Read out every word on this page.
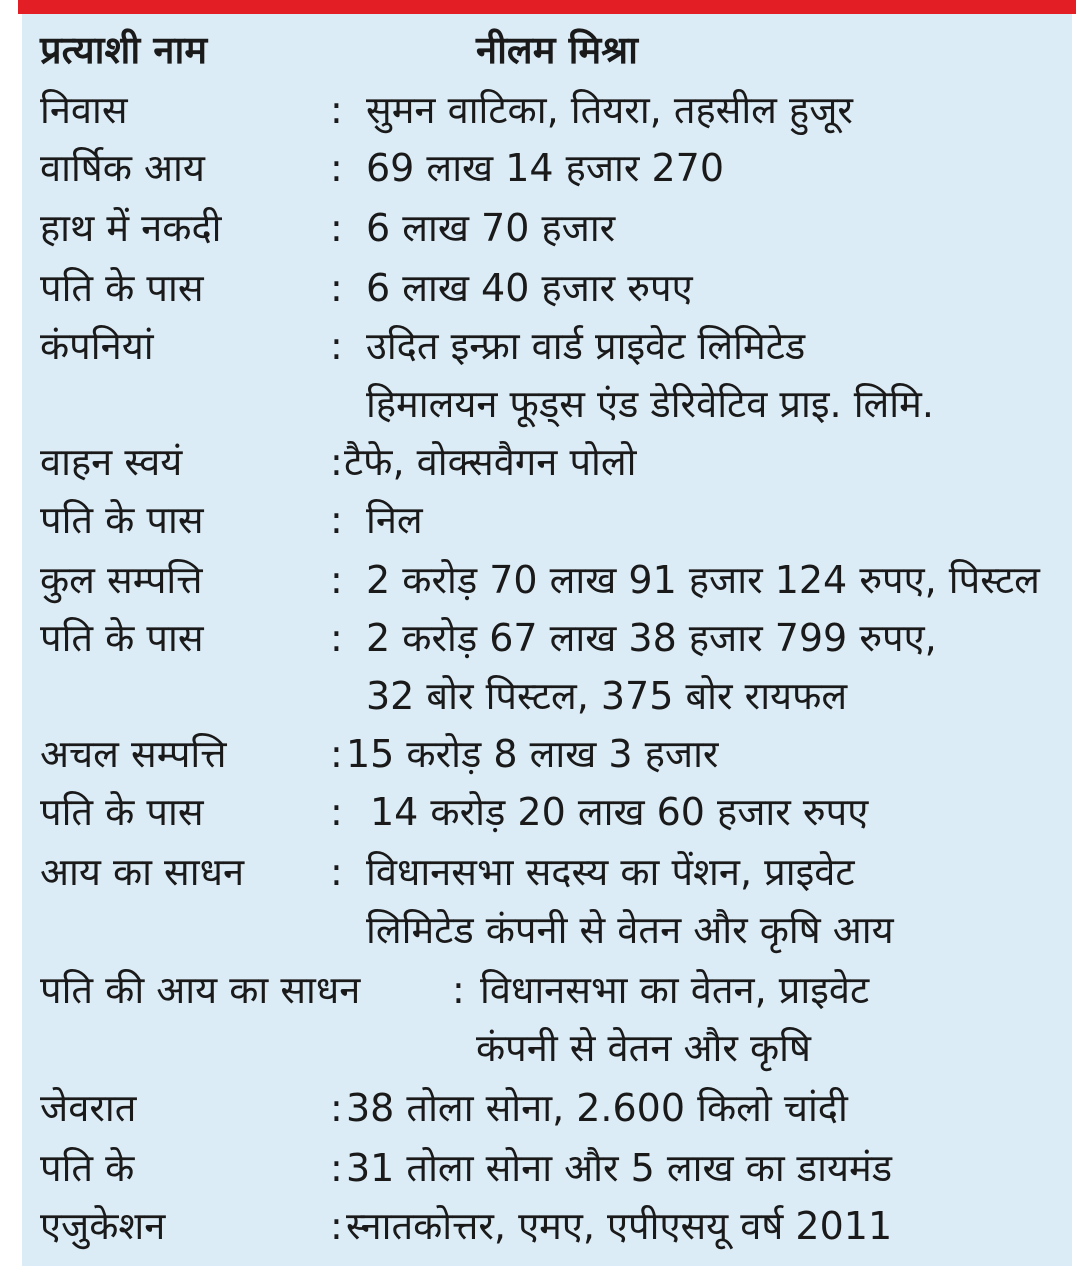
प्रत्याशी नाम	नीलम मिश्रा
निवास	: सुमन वाटिका, तियरा, तहसील हुजूर
वार्षिक आय	: 69 लाख 14 हजार 270
हाथ में नकदी	: 6 लाख 70 हजार
पति के पास	: 6 लाख 40 हजार रुपए
कंपनियां	: उदित इन्फ्रा वार्ड प्राइवेट लिमिटेड
हिमालयन फूड्स एंड डेरिवेटिव प्राइ. लिमि.
वाहन स्वयं	: टैफे, वोक्सवैगन पोलो
पति के पास	: निल
कुल सम्पत्ति	: 2 करोड़ 70 लाख 91 हजार 124 रुपए, पिस्टल
पति के पास	: 2 करोड़ 67 लाख 38 हजार 799 रुपए,
32 बोर पिस्टल, 375 बोर रायफल
अचल सम्पत्ति	: 15 करोड़ 8 लाख 3 हजार
पति के पास	: 14 करोड़ 20 लाख 60 हजार रुपए
आय का साधन : विधानसभा सदस्य का पेंशन, प्राइवेट
लिमिटेड कंपनी से वेतन और कृषि आय
पति की आय का साधन : विधानसभा का वेतन, प्राइवेट
कंपनी से वेतन और कृषि
जेवरात	: 38 तोला सोना, 2.600 किलो चांदी
पति के	: 31 तोला सोना और 5 लाख का डायमंड
एजुकेशन	: स्नातकोत्तर, एमए, एपीएसयू वर्ष 2011
